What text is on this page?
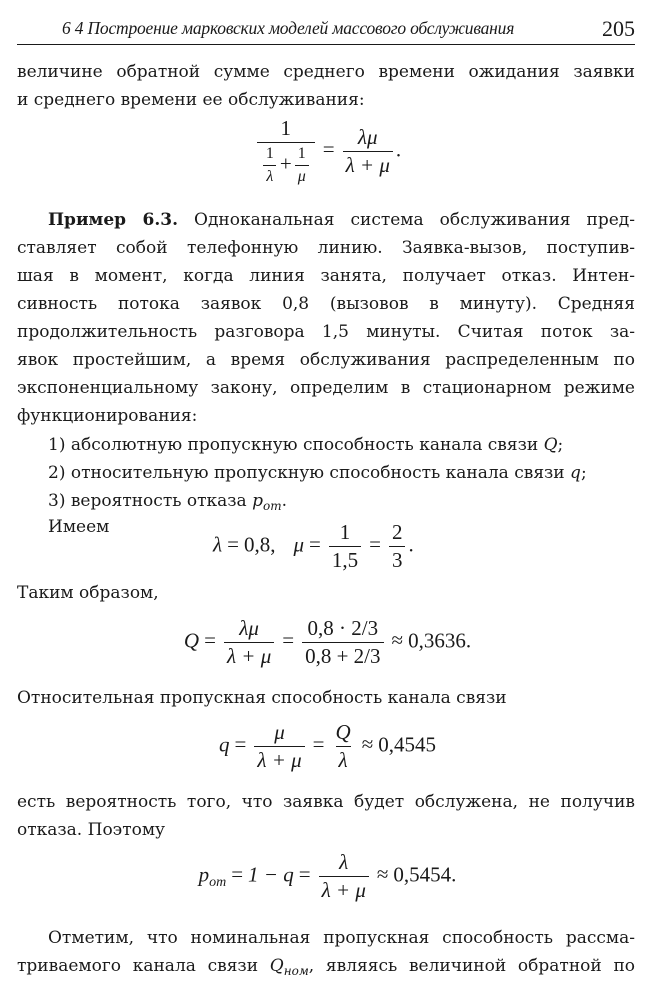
6 4 Построение марковских моделей массового обслуживания	205
величине обратной сумме среднего времени ожидания заявки
и среднего времени ее обслуживания:
$\frac{1}{\frac{1}{\lambda} + \frac{1}{\mu}} = \frac{\lambda\mu}{\lambda + \mu}$ .
Пример 6.3. Одноканальная система обслуживания пред-
ставляет собой телефонную линию. Заявка-вызов, поступив-
шая в момент, когда линия занята, получает отказ. Интен-
сивность потока заявок 0,8 (вызовов в минуту). Средняя
продолжительность разговора 1,5 минуты. Считая поток за-
явок простейшим, а время обслуживания распределенным по
экспоненциальному закону, определим в стационарном режиме
функционирования:
1) абсолютную пропускную способность канала связи Q;
2) относительную пропускную способность канала связи q;
3) вероятность отказа $p_{от}$.
Имеем
λ = 0,8, $\mu = \frac{1}{1,5} = \frac{2}{3}$ .
Таким образом,
$Q = \frac{\lambda\mu}{\lambda + \mu} = \frac{0,8 \cdot 2/3}{0,8 + 2/3} \approx 0,3636$.
Относительная пропускная способность канала связи
$q = \frac{\mu}{\lambda + \mu} = \frac{Q}{\lambda} \approx 0,4545$
есть вероятность того, что заявка будет обслужена, не получив
отказа. Поэтому
$p_{от} = 1 - q = \frac{\lambda}{\lambda + \mu} \approx 0,5454$.
Отметим, что номинальная пропускная способность рассма-
триваемого канала связи $Q_{ном}$, являясь величиной обратной по
